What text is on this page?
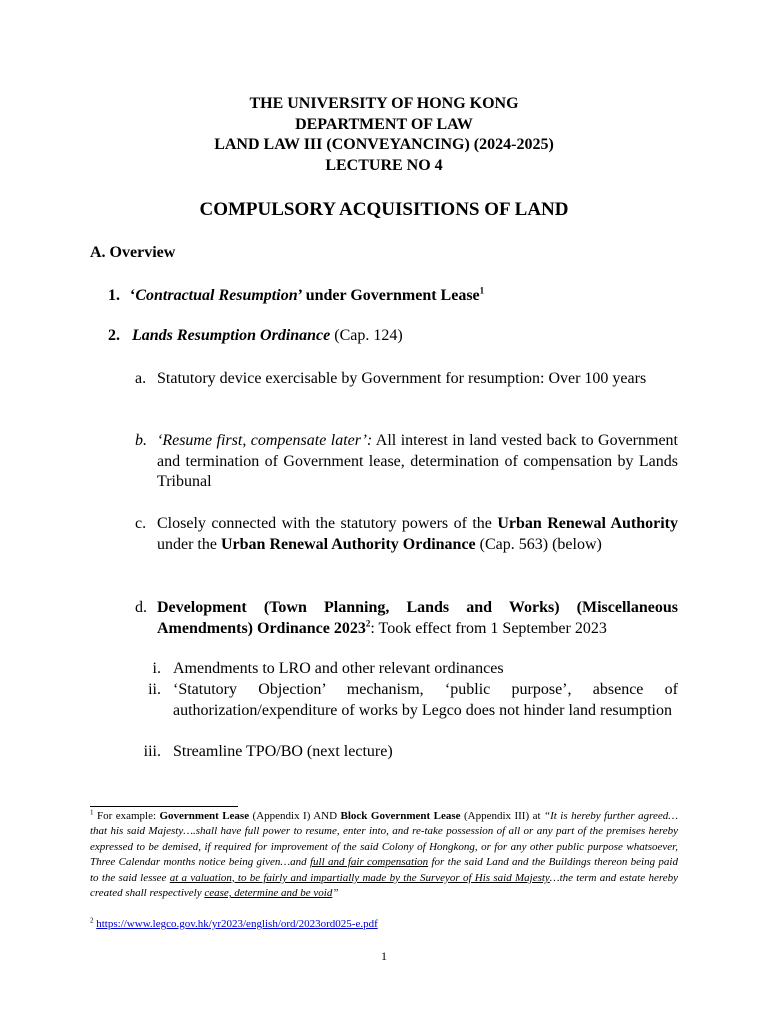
THE UNIVERSITY OF HONG KONG
DEPARTMENT OF LAW
LAND LAW III (CONVEYANCING) (2024-2025)
LECTURE NO 4
COMPULSORY ACQUISITIONS OF LAND
A. Overview
1. ‘Contractual Resumption’ under Government Lease$^1$
2. Lands Resumption Ordinance (Cap. 124)
a. Statutory device exercisable by Government for resumption: Over 100 years
b. ‘Resume first, compensate later’: All interest in land vested back to Government and termination of Government lease, determination of compensation by Lands Tribunal
c. Closely connected with the statutory powers of the Urban Renewal Authority under the Urban Renewal Authority Ordinance (Cap. 563) (below)
d. Development (Town Planning, Lands and Works) (Miscellaneous Amendments) Ordinance 2023$^2$: Took effect from 1 September 2023
i. Amendments to LRO and other relevant ordinances
ii. ‘Statutory Objection’ mechanism, ‘public purpose’, absence of authorization/expenditure of works by Legco does not hinder land resumption
iii. Streamline TPO/BO (next lecture)
$^1$ For example: Government Lease (Appendix I) AND Block Government Lease (Appendix III) at “It is hereby further agreed…that his said Majesty….shall have full power to resume, enter into, and re-take possession of all or any part of the premises hereby expressed to be demised, if required for improvement of the said Colony of Hongkong, or for any other public purpose whatsoever, Three Calendar months notice being given…and full and fair compensation for the said Land and the Buildings thereon being paid to the said lessee at a valuation, to be fairly and impartially made by the Surveyor of His said Majesty…the term and estate hereby created shall respectively cease, determine and be void”
$^2$ https://www.legco.gov.hk/yr2023/english/ord/2023ord025-e.pdf
1
